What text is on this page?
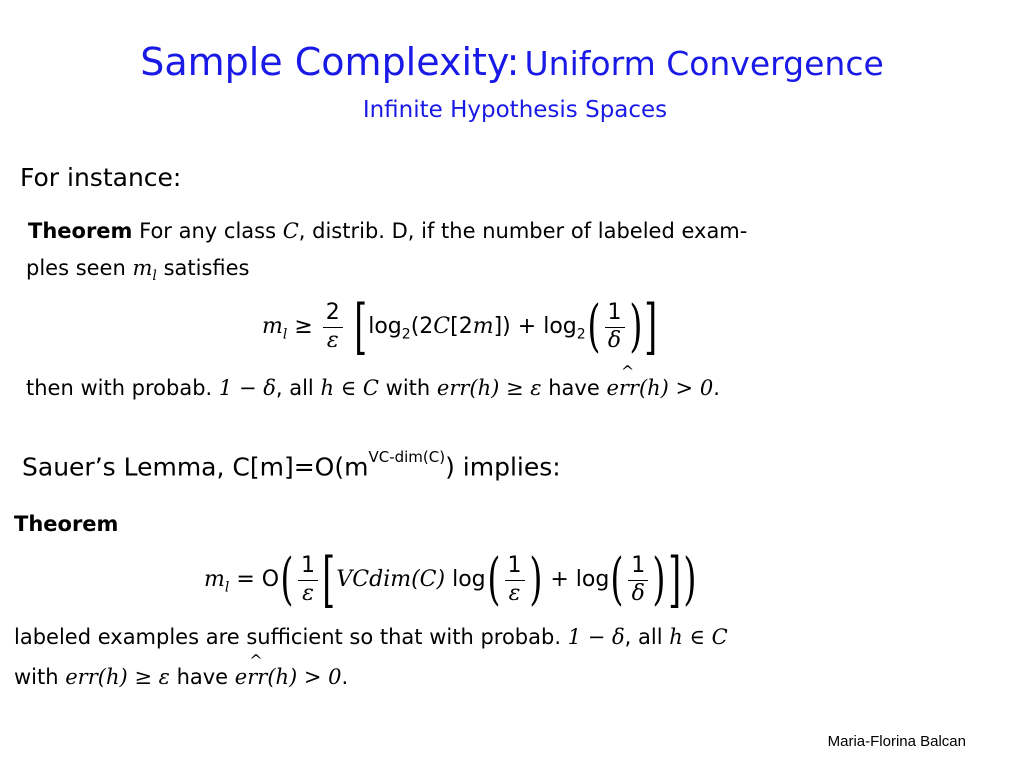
Sample Complexity: Uniform Convergence
Infinite Hypothesis Spaces
For instance:
Theorem For any class C, distrib. D, if the number of labeled exam-
ples seen $m_l$ satisfies
$m_l \ge \frac{2}{\varepsilon} [\log_2(2C[2m]) + \log_2( \frac{1}{\delta}$ )]
then with probab. 1 − δ, all h ∈ C with err(h) ≥ ε have e^ rr(h) > 0.
Sauer’s Lemma, $C[m]=O(m^{VC-dim(C)})$ implies:
Theorem
$m_l = O( \frac{1}{\varepsilon}$ [VCdim(C) $\log( \frac{1}{\varepsilon}$ ) + $\log( \frac{1}{\delta}$ )])
labeled examples are sufficient so that with probab. 1 − δ, all h ∈ C
with err(h) ≥ ε have e^ rr(h) > 0.
Maria-Florina Balcan
